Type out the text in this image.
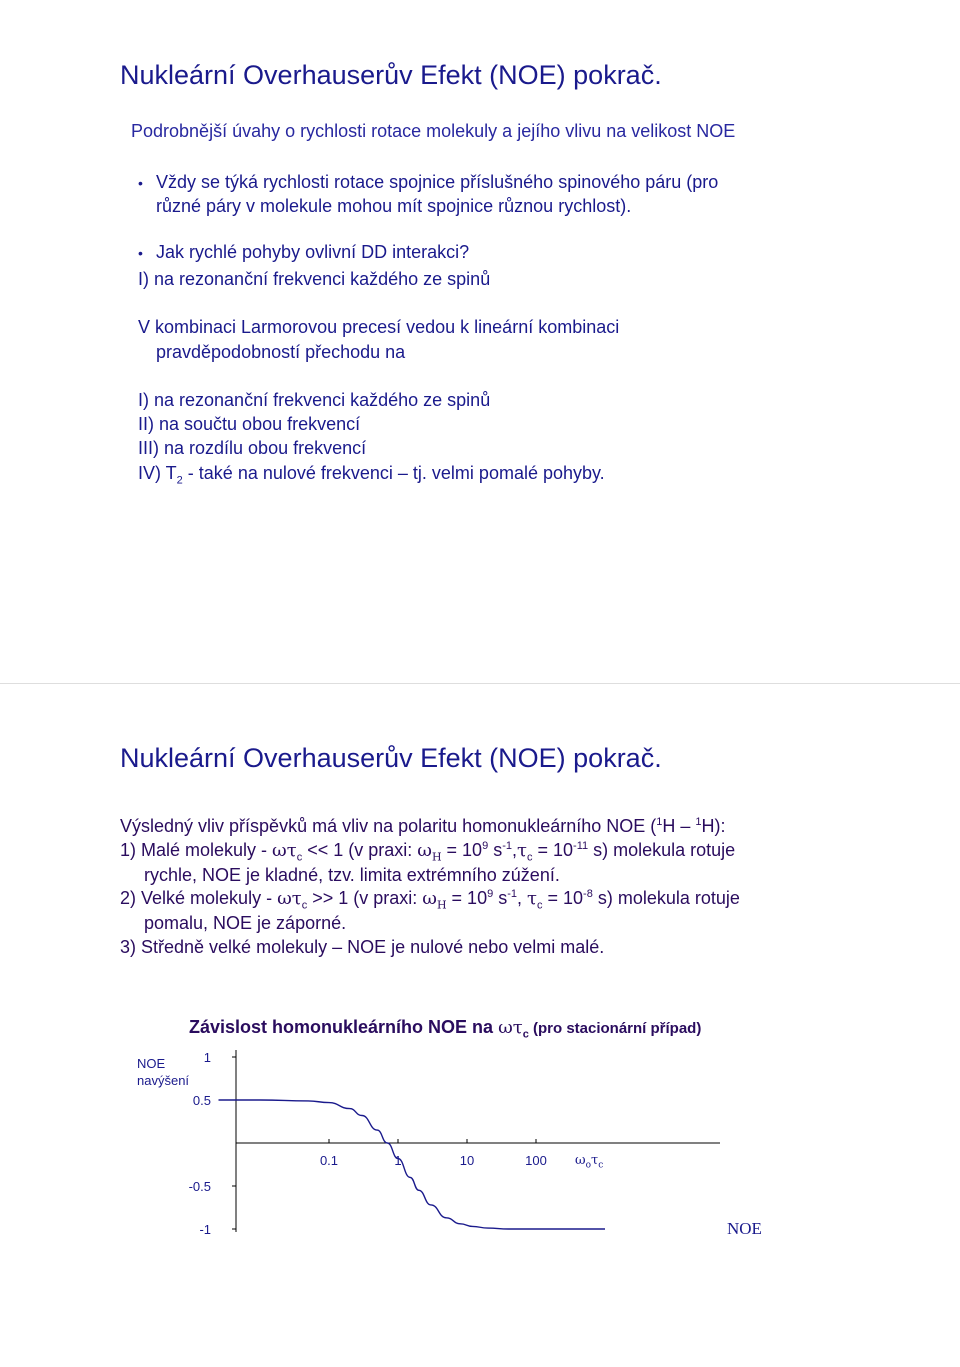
Nukleární Overhauserův Efekt (NOE) pokrač.
Podrobnější úvahy o rychlosti rotace molekuly a jejího vlivu na velikost NOE
• Vždy se týká rychlosti rotace spojnice příslušného spinového páru (pro
různé páry v molekule mohou mít spojnice různou rychlost).
• Jak rychlé pohyby ovlivní DD interakci?
I) na rezonanční frekvenci každého ze spinů
V kombinaci Larmorovou precesí vedou k lineární kombinaci
pravděpodobností přechodu na
I) na rezonanční frekvenci každého ze spinů
II) na součtu obou frekvencí
III) na rozdílu obou frekvencí
IV) $T_2$ - také na nulové frekvenci – tj. velmi pomalé pohyby.
Nukleární Overhauserův Efekt (NOE) pokrač.
Výsledný vliv příspěvků má vliv na polaritu homonukleárního NOE ($^1$H – $^1$H):
1) Malé molekuly - $\omega\tau_c << 1$ (v praxi: $\omega_H = 10^9$ $s^{-1},\tau_c = 10^{-11}$ s) molekula rotuje
rychle, NOE je kladné, tzv. limita extrémního zúžení.
2) Velké molekuly - $\omega\tau_c >> 1$ (v praxi: $\omega_H = 10^9$ $s^{-1}$, $\tau_c = 10^{-8}$ s) molekula rotuje
pomalu, NOE je záporné.
3) Středně velké molekuly – NOE je nulové nebo velmi malé.
Závislost homonukleárního NOE na $\omega\tau_c$ (pro stacionární případ)
NOE
navýšení
1
0.5
-0.5
-1
0.1	1	10	100 $\omega_o\tau_c$
NOE
